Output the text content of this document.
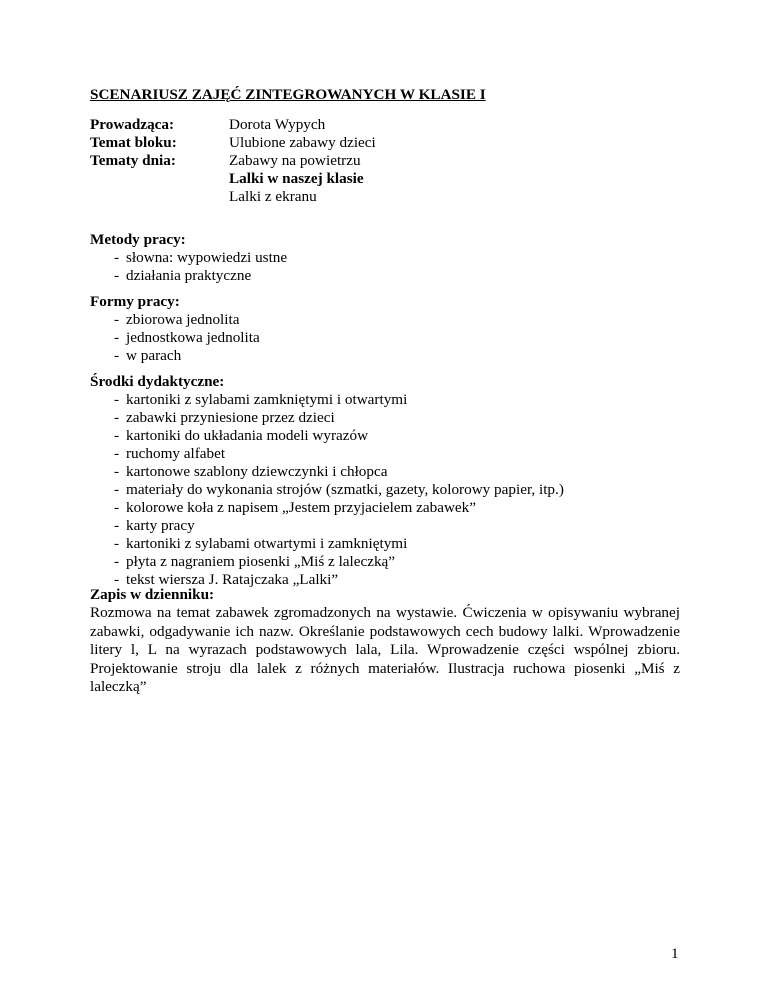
SCENARIUSZ ZAJĘĆ ZINTEGROWANYCH W KLASIE I
Prowadząca:	Dorota Wypych
Temat bloku:	Ulubione zabawy dzieci
Tematy dnia:	Zabawy na powietrzu
Lalki w naszej klasie
Lalki z ekranu
Metody pracy:
- słowna: wypowiedzi ustne
- działania praktyczne
Formy pracy:
- zbiorowa jednolita
- jednostkowa jednolita
- w parach
Środki dydaktyczne:
- kartoniki z sylabami zamkniętymi i otwartymi
- zabawki przyniesione przez dzieci
- kartoniki do układania modeli wyrazów
- ruchomy alfabet
- kartonowe szablony dziewczynki i chłopca
- materiały do wykonania strojów (szmatki, gazety, kolorowy papier, itp.)
- kolorowe koła z napisem „Jestem przyjacielem zabawek”
- karty pracy
- kartoniki z sylabami otwartymi i zamkniętymi
- płyta z nagraniem piosenki „Miś z laleczką”
- tekst wiersza J. Ratajczaka „Lalki”
Zapis w dzienniku:
Rozmowa na temat zabawek zgromadzonych na wystawie. Ćwiczenia w opisywaniu wybranej zabawki, odgadywanie ich nazw. Określanie podstawowych cech budowy lalki. Wprowadzenie litery l, L na wyrazach podstawowych lala, Lila. Wprowadzenie części wspólnej zbioru. Projektowanie stroju dla lalek z różnych materiałów. Ilustracja ruchowa piosenki „Miś z laleczką”
1
